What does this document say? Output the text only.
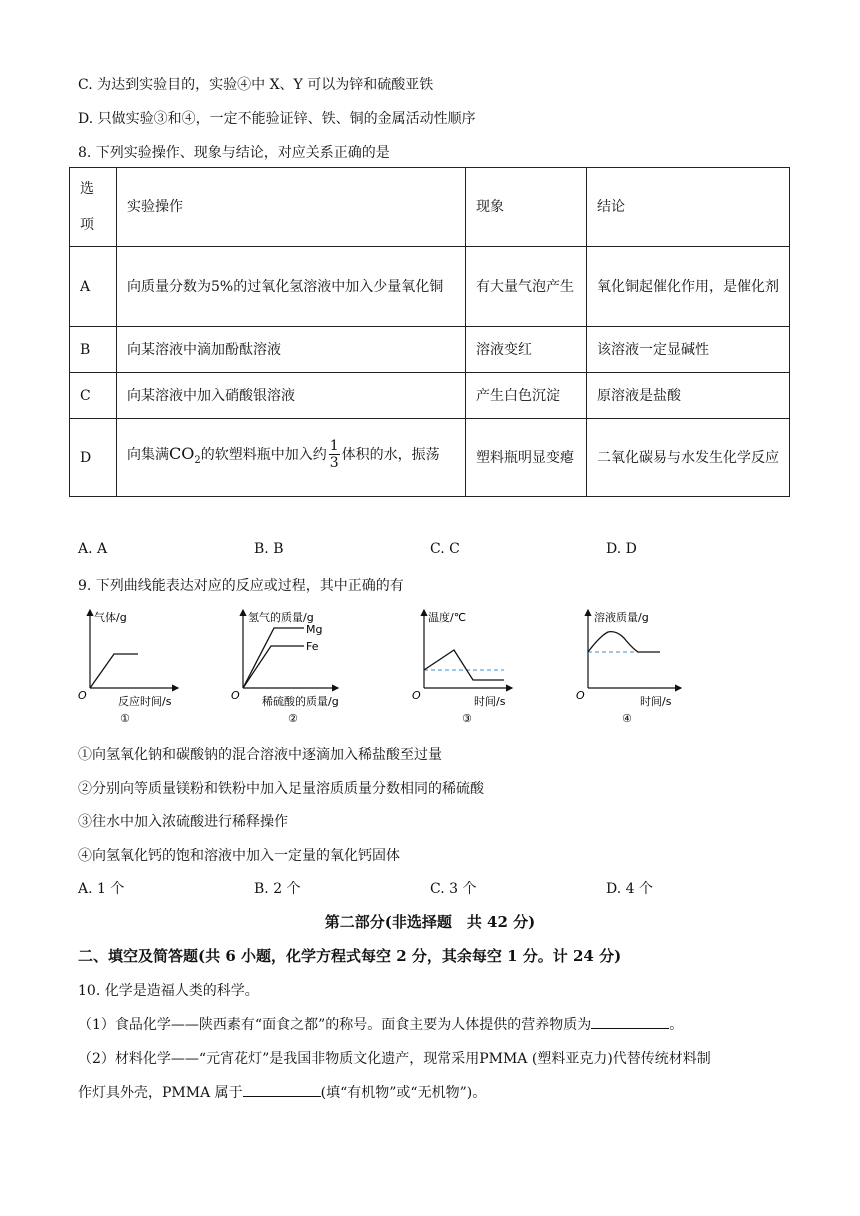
C. 为达到实验目的，实验④中 X、Y 可以为锌和硫酸亚铁
D. 只做实验③和④，一定不能验证锌、铁、铜的金属活动性顺序
8. 下列实验操作、现象与结论，对应关系正确的是
选项	实验操作	现象	结论
A	向质量分数为5%的过氧化氢溶液中加入少量氧化铜	有大量气泡产生	氧化铜起催化作用，是催化剂
B	向某溶液中滴加酚酞溶液	溶液变红	该溶液一定显碱性
C	向某溶液中加入硝酸银溶液	产生白色沉淀	原溶液是盐酸
D	向集满$CO_2$的软塑料瓶中加入约 $\frac{1}{3}$ 体积的水，振荡	塑料瓶明显变瘪	二氧化碳易与水发生化学反应
A. A	B. B	C. C	D. D
9. 下列曲线能表达对应的反应或过程，其中正确的有
气体/g
O	反应时间/s
①
氢气的质量/g
Mg
Fe
O 稀硫酸的质量/g
②
温度/℃
O	时间/s
③
溶液质量/g
O	时间/s
④
①向氢氧化钠和碳酸钠的混合溶液中逐滴加入稀盐酸至过量
②分别向等质量镁粉和铁粉中加入足量溶质质量分数相同的稀硫酸
③往水中加入浓硫酸进行稀释操作
④向氢氧化钙的饱和溶液中加入一定量的氧化钙固体
A. 1 个	B. 2 个	C. 3 个	D. 4 个
第二部分(非选择题　共 42 分)
二、填空及简答题(共 6 小题，化学方程式每空 2 分，其余每空 1 分。计 24 分)
10. 化学是造福人类的科学。
（1）食品化学——陕西素有“面食之都”的称号。面食主要为人体提供的营养物质为	。
（2）材料化学——“元宵花灯”是我国非物质文化遗产，现常采用PMMA (塑料亚克力)代替传统材料制
作灯具外壳，PMMA 属于	(填“有机物”或“无机物”)。
